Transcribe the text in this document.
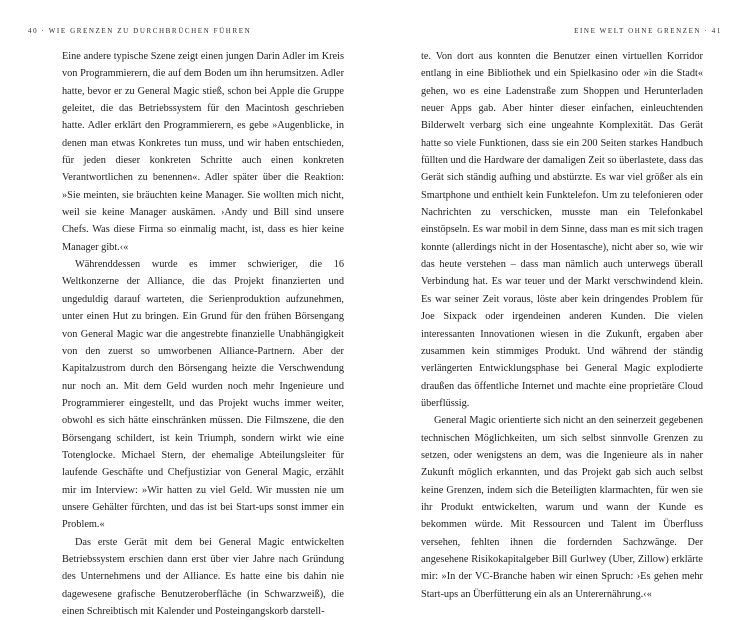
40 · WIE GRENZEN ZU DURCHBRÜCHEN FÜHREN

Eine andere typische Szene zeigt einen jungen Darin Adler im Kreis von Programmierern, die auf dem Boden um ihn herumsitzen. Adler hatte, bevor er zu General Magic stieß, schon bei Apple die Gruppe geleitet, die das Betriebssystem für den Macintosh geschrieben hatte. Adler erklärt den Programmierern, es gebe »Augenblicke, in denen man etwas Konkretes tun muss, und wir haben entschieden, für jeden dieser konkreten Schritte auch einen konkreten Verantwortlichen zu benennen«. Adler später über die Reaktion: »Sie meinten, sie bräuchten keine Manager. Sie wollten mich nicht, weil sie keine Manager auskämen. ›Andy und Bill sind unsere Chefs. Was diese Firma so einmalig macht, ist, dass es hier keine Manager gibt.‹«

Währenddessen wurde es immer schwieriger, die 16 Weltkonzerne der Alliance, die das Projekt finanzierten und ungeduldig darauf warteten, die Serienproduktion aufzunehmen, unter einen Hut zu bringen. Ein Grund für den frühen Börsengang von General Magic war die angestrebte finanzielle Unabhängigkeit von den zuerst so umworbenen Alliance-Partnern. Aber der Kapitalzustrom durch den Börsengang heizte die Verschwendung nur noch an. Mit dem Geld wurden noch mehr Ingenieure und Programmierer eingestellt, und das Projekt wuchs immer weiter, obwohl es sich hätte einschränken müssen. Die Filmszene, die den Börsengang schildert, ist kein Triumph, sondern wirkt wie eine Totenglocke. Michael Stern, der ehemalige Abteilungsleiter für laufende Geschäfte und Chefjustiziar von General Magic, erzählt mir im Interview: »Wir hatten zu viel Geld. Wir mussten nie um unsere Gehälter fürchten, und das ist bei Start-ups sonst immer ein Problem.«

Das erste Gerät mit dem bei General Magic entwickelten Betriebssystem erschien dann erst über vier Jahre nach Gründung des Unternehmens und der Alliance. Es hatte eine bis dahin nie dagewesene grafische Benutzeroberfläche (in Schwarzweiß), die einen Schreibtisch mit Kalender und Posteingangskorb darstell-

EINE WELT OHNE GRENZEN · 41

te. Von dort aus konnten die Benutzer einen virtuellen Korridor entlang in eine Bibliothek und ein Spielkasino oder »in die Stadt« gehen, wo es eine Ladenstraße zum Shoppen und Herunterladen neuer Apps gab. Aber hinter dieser einfachen, einleuchtenden Bilderwelt verbarg sich eine ungeahnte Komplexität. Das Gerät hatte so viele Funktionen, dass sie ein 200 Seiten starkes Handbuch füllten und die Hardware der damaligen Zeit so überlastete, dass das Gerät sich ständig aufhing und abstürzte. Es war viel größer als ein Smartphone und enthielt kein Funktelefon. Um zu telefonieren oder Nachrichten zu verschicken, musste man ein Telefonkabel einstöpseln. Es war mobil in dem Sinne, dass man es mit sich tragen konnte (allerdings nicht in der Hosentasche), nicht aber so, wie wir das heute verstehen – dass man nämlich auch unterwegs überall Verbindung hat. Es war teuer und der Markt verschwindend klein. Es war seiner Zeit voraus, löste aber kein dringendes Problem für Joe Sixpack oder irgendeinen anderen Kunden. Die vielen interessanten Innovationen wiesen in die Zukunft, ergaben aber zusammen kein stimmiges Produkt. Und während der ständig verlängerten Entwicklungsphase bei General Magic explodierte draußen das öffentliche Internet und machte eine proprietäre Cloud überflüssig.

General Magic orientierte sich nicht an den seinerzeit gegebenen technischen Möglichkeiten, um sich selbst sinnvolle Grenzen zu setzen, oder wenigstens an dem, was die Ingenieure als in naher Zukunft möglich erkannten, und das Projekt gab sich auch selbst keine Grenzen, indem sich die Beteiligten klarmachten, für wen sie ihr Produkt entwickelten, warum und wann der Kunde es bekommen würde. Mit Ressourcen und Talent im Überfluss versehen, fehlten ihnen die fordernden Sachzwänge. Der angesehene Risikokapitalgeber Bill Gurlwey (Uber, Zillow) erklärte mir: »In der VC-Branche haben wir einen Spruch: ›Es gehen mehr Start-ups an Überfütterung ein als an Unterernährung.‹«
